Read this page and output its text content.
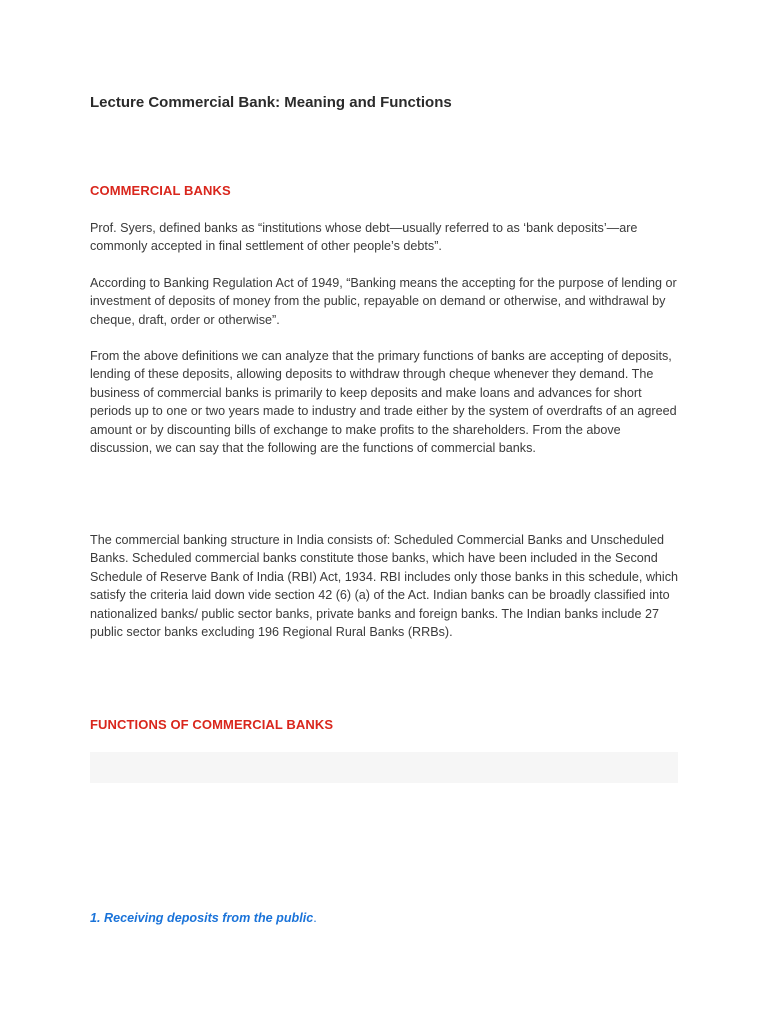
Lecture Commercial Bank: Meaning and Functions
COMMERCIAL BANKS

Prof. Syers, defined banks as “institutions whose debt—usually referred to as ‘bank deposits’—are commonly accepted in final settlement of other people’s debts”.

According to Banking Regulation Act of 1949, “Banking means the accepting for the purpose of lending or investment of deposits of money from the public, repayable on demand or otherwise, and withdrawal by cheque, draft, order or otherwise”.

From the above definitions we can analyze that the primary functions of banks are accepting of deposits, lending of these deposits, allowing deposits to withdraw through cheque whenever they demand. The business of commercial banks is primarily to keep deposits and make loans and advances for short periods up to one or two years made to industry and trade either by the system of overdrafts of an agreed amount or by discounting bills of exchange to make profits to the shareholders. From the above discussion, we can say that the following are the functions of commercial banks.

The commercial banking structure in India consists of: Scheduled Commercial Banks and Unscheduled Banks. Scheduled commercial banks constitute those banks, which have been included in the Second Schedule of Reserve Bank of India (RBI) Act, 1934. RBI includes only those banks in this schedule, which satisfy the criteria laid down vide section 42 (6) (a) of the Act. Indian banks can be broadly classified into nationalized banks/ public sector banks, private banks and foreign banks. The Indian banks include 27 public sector banks excluding 196 Regional Rural Banks (RRBs).

FUNCTIONS OF COMMERCIAL BANKS

1. Receiving deposits from the public.
